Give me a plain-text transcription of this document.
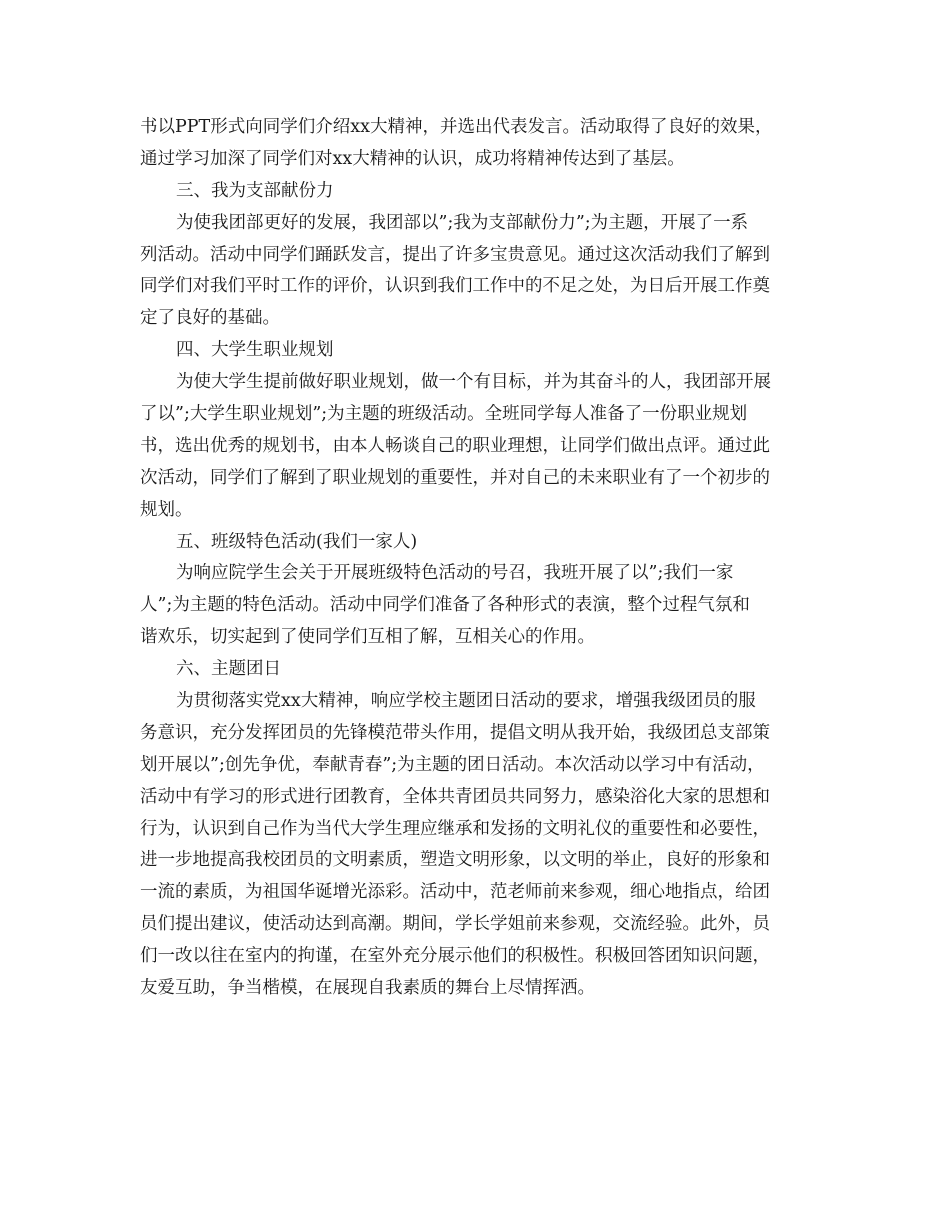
书以PPT形式向同学们介绍xx大精神，并选出代表发言。活动取得了良好的效果，
通过学习加深了同学们对xx大精神的认识，成功将精神传达到了基层。
三、我为支部献份力
为使我团部更好的发展，我团部以”;我为支部献份力”;为主题，开展了一系
列活动。活动中同学们踊跃发言，提出了许多宝贵意见。通过这次活动我们了解到
同学们对我们平时工作的评价，认识到我们工作中的不足之处，为日后开展工作奠
定了良好的基础。
四、大学生职业规划
为使大学生提前做好职业规划，做一个有目标，并为其奋斗的人，我团部开展
了以”;大学生职业规划”;为主题的班级活动。全班同学每人准备了一份职业规划
书，选出优秀的规划书，由本人畅谈自己的职业理想，让同学们做出点评。通过此
次活动，同学们了解到了职业规划的重要性，并对自己的未来职业有了一个初步的
规划。
五、班级特色活动(我们一家人)
为响应院学生会关于开展班级特色活动的号召，我班开展了以”;我们一家
人”;为主题的特色活动。活动中同学们准备了各种形式的表演，整个过程气氛和
谐欢乐，切实起到了使同学们互相了解，互相关心的作用。
六、主题团日
为贯彻落实党xx大精神，响应学校主题团日活动的要求，增强我级团员的服
务意识，充分发挥团员的先锋模范带头作用，提倡文明从我开始，我级团总支部策
划开展以”;创先争优，奉献青春”;为主题的团日活动。本次活动以学习中有活动，
活动中有学习的形式进行团教育，全体共青团员共同努力，感染浴化大家的思想和
行为，认识到自己作为当代大学生理应继承和发扬的文明礼仪的重要性和必要性，
进一步地提高我校团员的文明素质，塑造文明形象，以文明的举止，良好的形象和
一流的素质，为祖国华诞增光添彩。活动中，范老师前来参观，细心地指点，给团
员们提出建议，使活动达到高潮。期间，学长学姐前来参观，交流经验。此外，员
们一改以往在室内的拘谨，在室外充分展示他们的积极性。积极回答团知识问题，
友爱互助，争当楷模，在展现自我素质的舞台上尽情挥洒。
